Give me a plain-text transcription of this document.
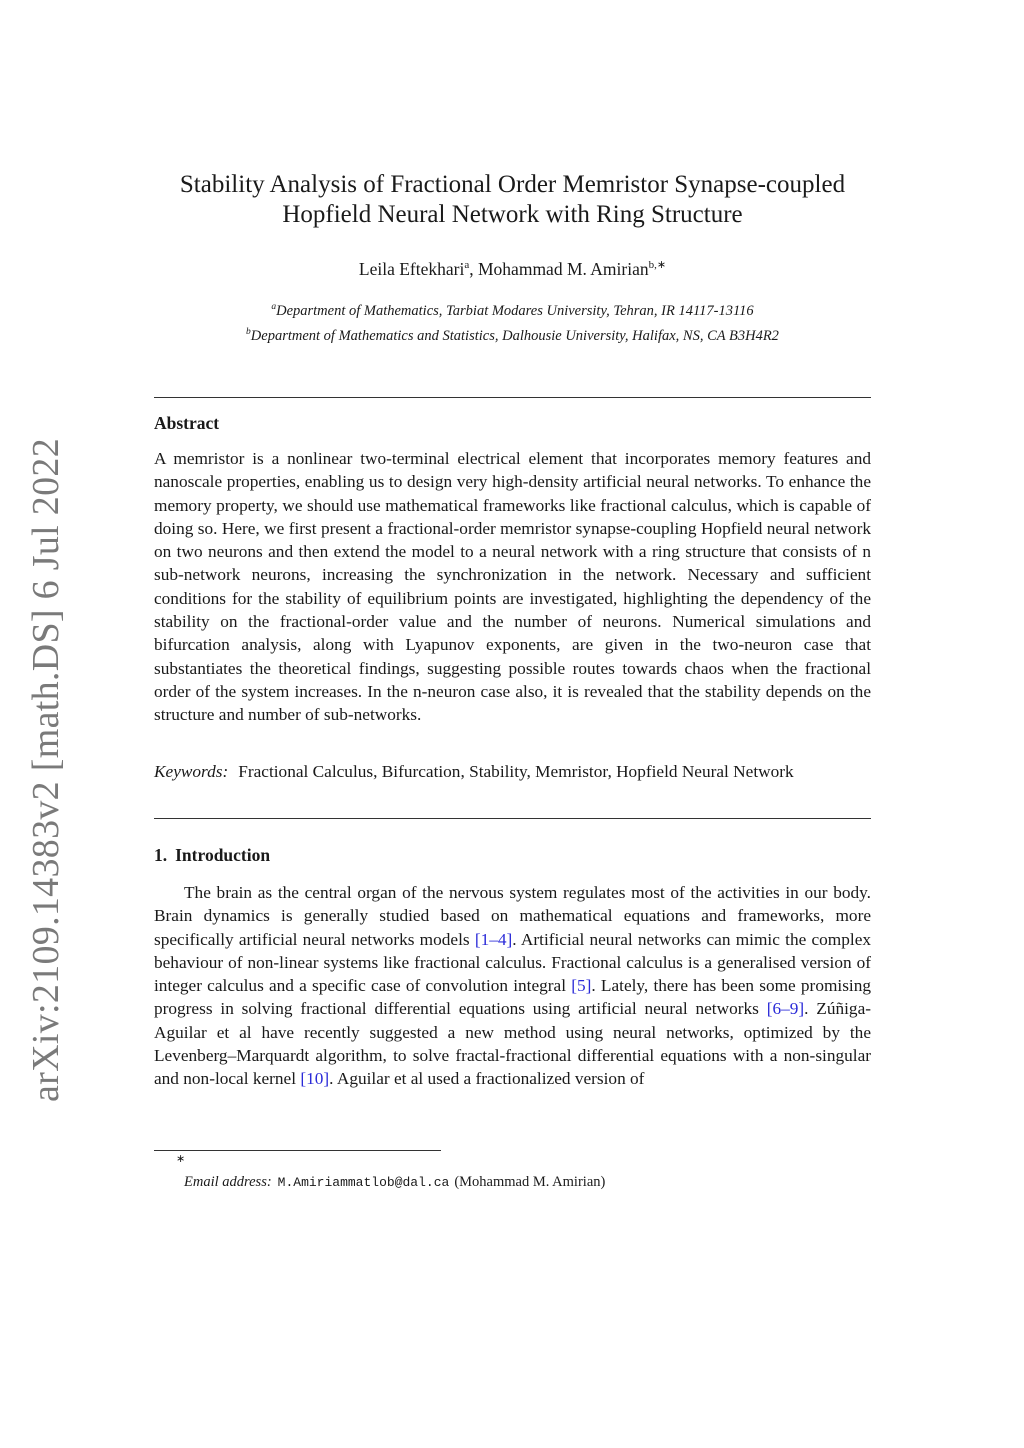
arXiv:2109.14383v2 [math.DS] 6 Jul 2022
Stability Analysis of Fractional Order Memristor Synapse-coupled
Hopfield Neural Network with Ring Structure
Leila Eftekhari$^a$, Mohammad M. Amirian$^{b,∗}$
$^a$Department of Mathematics, Tarbiat Modares University, Tehran, IR 14117-13116
$^b$Department of Mathematics and Statistics, Dalhousie University, Halifax, NS, CA B3H4R2
Abstract

A memristor is a nonlinear two-terminal electrical element that incorporates memory features and nanoscale properties, enabling us to design very high-density artificial neural networks. To enhance the memory property, we should use mathematical frameworks like fractional calculus, which is capable of doing so. Here, we first present a fractional-order memristor synapse-coupling Hopfield neural network on two neurons and then extend the model to a neural network with a ring structure that consists of n sub-network neurons, increasing the synchronization in the network. Necessary and sufficient conditions for the stability of equilibrium points are investigated, highlighting the dependency of the stability on the fractional-order value and the number of neurons. Numerical simulations and bifurcation analysis, along with Lyapunov exponents, are given in the two-neuron case that substantiates the theoretical findings, suggesting possible routes towards chaos when the fractional order of the system increases. In the n-neuron case also, it is revealed that the stability depends on the structure and number of sub-networks.

Keywords: Fractional Calculus, Bifurcation, Stability, Memristor, Hopfield Neural Network

1. Introduction

The brain as the central organ of the nervous system regulates most of the activities in our body. Brain dynamics is generally studied based on mathematical equations and frameworks, more specifically artificial neural networks models [1–4]. Artificial neural networks can mimic the complex behaviour of non-linear systems like fractional calculus. Fractional calculus is a generalised version of integer calculus and a specific case of convolution integral [5]. Lately, there has been some promising progress in solving fractional differential equations using artificial neural networks [6–9]. Zúñiga-Aguilar et al have recently suggested a new method using neural networks, optimized by the Levenberg–Marquardt algorithm, to solve fractal-fractional differential equations with a non-singular and non-local kernel [10]. Aguilar et al used a fractionalized version of

∗
Email address: M.Amiriammatlob@dal.ca (Mohammad M. Amirian)
